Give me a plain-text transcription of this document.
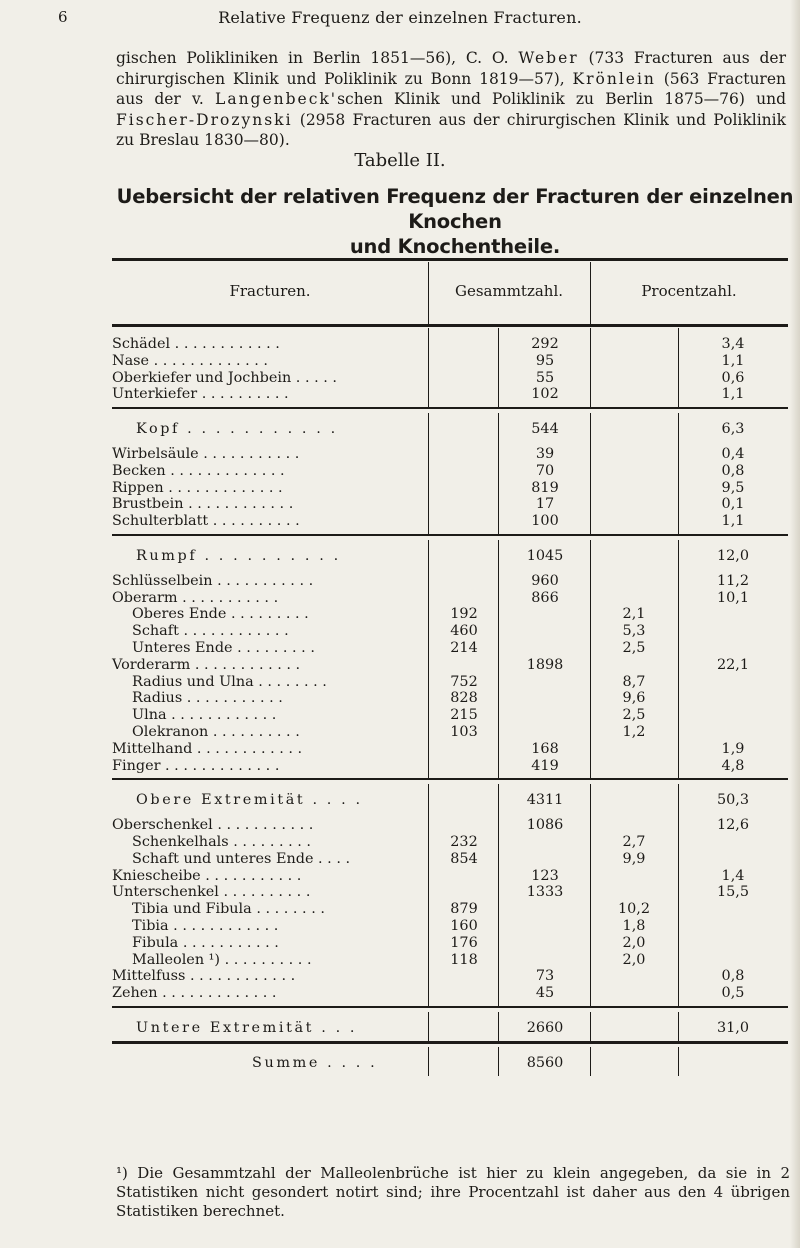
6	Relative Frequenz der einzelnen Fracturen.

gischen Polikliniken in Berlin 1851—56), C. O. Weber (733 Fracturen aus der chirurgischen Klinik und Poliklinik zu Bonn 1819—57), Krönlein (563 Fracturen aus der v. Langenbeck'schen Klinik und Poliklinik zu Berlin 1875—76) und Fischer-Drozynski (2958 Fracturen aus der chirurgischen Klinik und Poliklinik zu Breslau 1830—80).

Tabelle II.
Uebersicht der relativen Frequenz der Fracturen der einzelnen Knochen
und Knochentheile.
Fracturen.	Gesammtzahl.	Procentzahl.
Schädel . . . . . . . . . . . .	292	3,4
Nase . . . . . . . . . . . . .	95	1,1
Oberkiefer und Jochbein . . . . .	55	0,6
Unterkiefer . . . . . . . . . .	102	1,1
Kopf . . . . . . . . . . .	544	6,3
Wirbelsäule . . . . . . . . . . .	39	0,4
Becken . . . . . . . . . . . . .	70	0,8
Rippen . . . . . . . . . . . . .	819	9,5
Brustbein . . . . . . . . . . . .	17	0,1
Schulterblatt . . . . . . . . . .	100	1,1
Rumpf . . . . . . . . . .	1045	12,0
Schlüsselbein . . . . . . . . . . .	960	11,2
Oberarm . . . . . . . . . . .	866	10,1
Oberes Ende . . . . . . . . .	192	2,1
Schaft . . . . . . . . . . . .	460	5,3
Unteres Ende . . . . . . . . .	214	2,5
Vorderarm . . . . . . . . . . . .	1898	22,1
Radius und Ulna . . . . . . . .	752	8,7
Radius . . . . . . . . . . .	828	9,6
Ulna . . . . . . . . . . . .	215	2,5
Olekranon . . . . . . . . . .	103	1,2
Mittelhand . . . . . . . . . . . .	168	1,9
Finger . . . . . . . . . . . . .	419	4,8
Obere Extremität . . . .	4311	50,3
Oberschenkel . . . . . . . . . . .	1086	12,6
Schenkelhals . . . . . . . . .	232	2,7
Schaft und unteres Ende . . . .	854	9,9
Kniescheibe . . . . . . . . . . .	123	1,4
Unterschenkel . . . . . . . . . .	1333	15,5
Tibia und Fibula . . . . . . . .	879	10,2
Tibia . . . . . . . . . . . .	160	1,8
Fibula . . . . . . . . . . .	176	2,0
Malleolen ¹) . . . . . . . . . .	118	2,0
Mittelfuss . . . . . . . . . . . .	73	0,8
Zehen . . . . . . . . . . . . .	45	0,5
Untere Extremität . . .	2660	31,0
Summe . . . .	8560

¹) Die Gesammtzahl der Malleolenbrüche ist hier zu klein angegeben, da sie in 2 Statistiken nicht gesondert notirt sind; ihre Procentzahl ist daher aus den 4 übrigen Statistiken berechnet.
